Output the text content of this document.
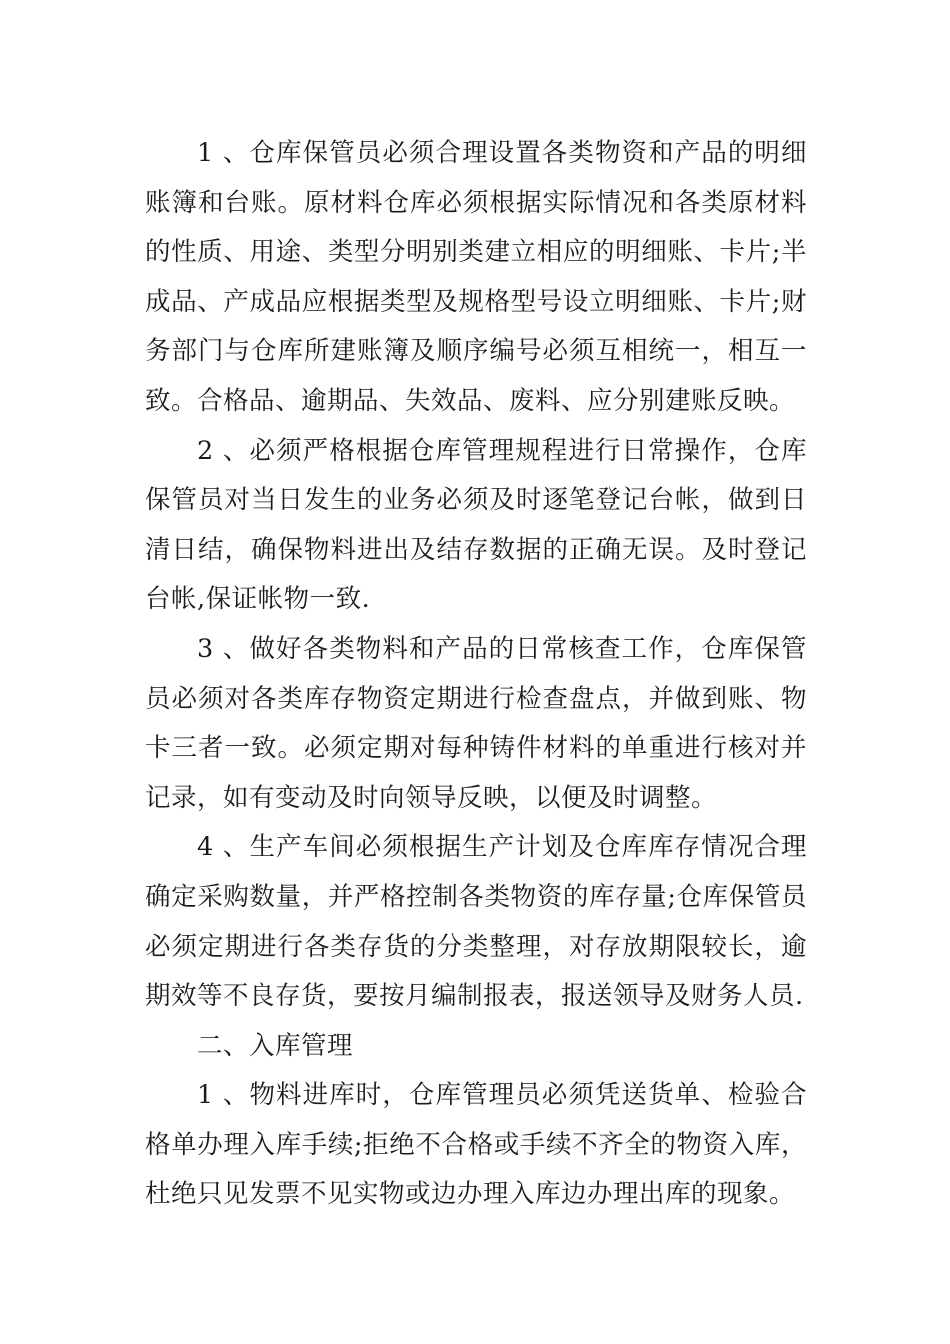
1 、仓库保管员必须合理设置各类物资和产品的明细账簿和台账。原材料仓库必须根据实际情况和各类原材料的性质、用途、类型分明别类建立相应的明细账、卡片;半成品、产成品应根据类型及规格型号设立明细账、卡片;财务部门与仓库所建账簿及顺序编号必须互相统一，相互一致。合格品、逾期品、失效品、废料、应分别建账反映。

2 、必须严格根据仓库管理规程进行日常操作，仓库保管员对当日发生的业务必须及时逐笔登记台帐，做到日清日结，确保物料进出及结存数据的正确无误。及时登记台帐,保证帐物一致.

3 、做好各类物料和产品的日常核查工作，仓库保管员必须对各类库存物资定期进行检查盘点，并做到账、物卡三者一致。必须定期对每种铸件材料的单重进行核对并记录，如有变动及时向领导反映，以便及时调整。

4 、生产车间必须根据生产计划及仓库库存情况合理确定采购数量，并严格控制各类物资的库存量;仓库保管员必须定期进行各类存货的分类整理，对存放期限较长，逾期效等不良存货，要按月编制报表，报送领导及财务人员.

二、入库管理

1 、物料进库时，仓库管理员必须凭送货单、检验合格单办理入库手续;拒绝不合格或手续不齐全的物资入库，杜绝只见发票不见实物或边办理入库边办理出库的现象。
